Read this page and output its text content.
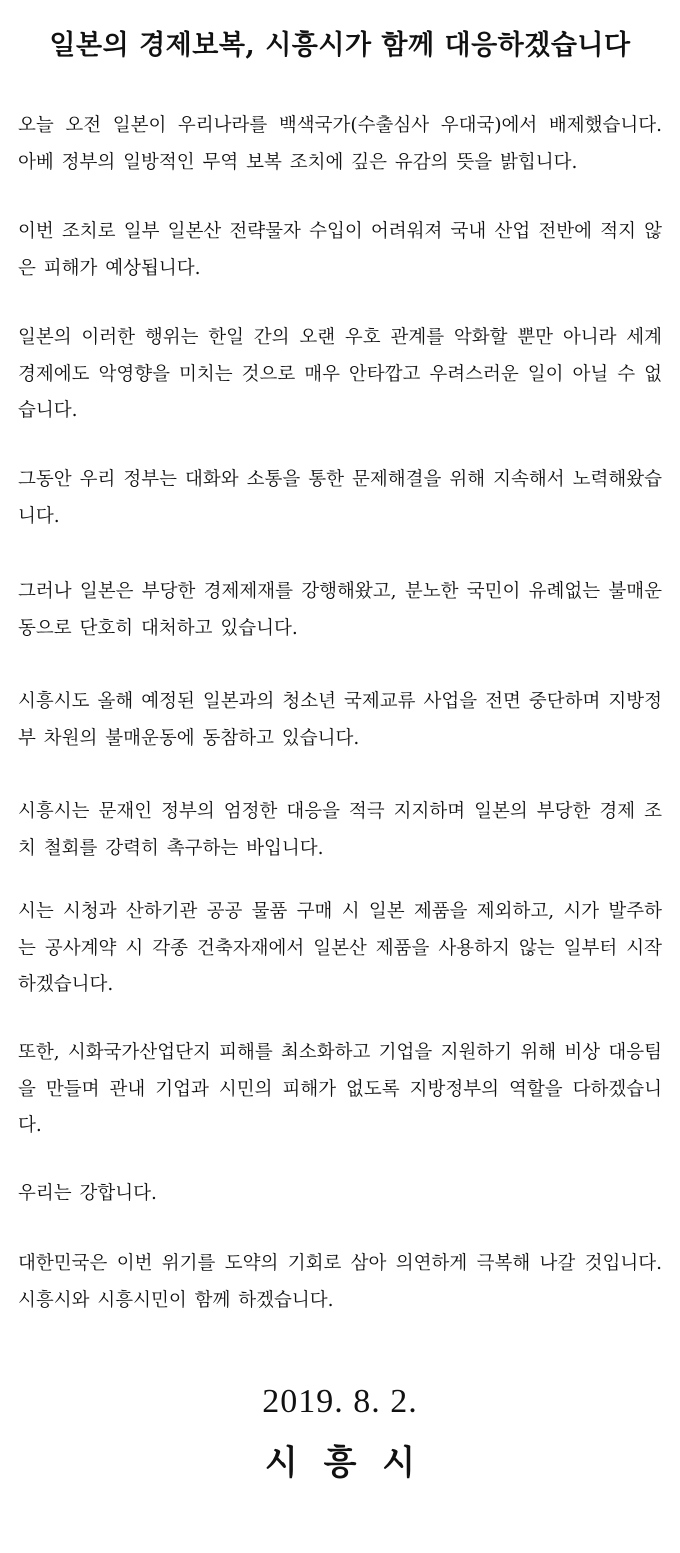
일본의 경제보복, 시흥시가 함께 대응하겠습니다

오늘 오전 일본이 우리나라를 백색국가(수출심사 우대국)에서 배제했습니다. 아베 정부의 일방적인 무역 보복 조치에 깊은 유감의 뜻을 밝힙니다.

이번 조치로 일부 일본산 전략물자 수입이 어려워져 국내 산업 전반에 적지 않은 피해가 예상됩니다.

일본의 이러한 행위는 한일 간의 오랜 우호 관계를 악화할 뿐만 아니라 세계 경제에도 악영향을 미치는 것으로 매우 안타깝고 우려스러운 일이 아닐 수 없습니다.

그동안 우리 정부는 대화와 소통을 통한 문제해결을 위해 지속해서 노력해왔습니다.

그러나 일본은 부당한 경제제재를 강행해왔고, 분노한 국민이 유례없는 불매운동으로 단호히 대처하고 있습니다.

시흥시도 올해 예정된 일본과의 청소년 국제교류 사업을 전면 중단하며 지방정부 차원의 불매운동에 동참하고 있습니다.

시흥시는 문재인 정부의 엄정한 대응을 적극 지지하며 일본의 부당한 경제 조치 철회를 강력히 촉구하는 바입니다.

시는 시청과 산하기관 공공 물품 구매 시 일본 제품을 제외하고, 시가 발주하는 공사계약 시 각종 건축자재에서 일본산 제품을 사용하지 않는 일부터 시작하겠습니다.

또한, 시화국가산업단지 피해를 최소화하고 기업을 지원하기 위해 비상 대응팀을 만들며 관내 기업과 시민의 피해가 없도록 지방정부의 역할을 다하겠습니다.

우리는 강합니다.

대한민국은 이번 위기를 도약의 기회로 삼아 의연하게 극복해 나갈 것입니다. 시흥시와 시흥시민이 함께 하겠습니다.

2019. 8. 2.
시 흥 시
